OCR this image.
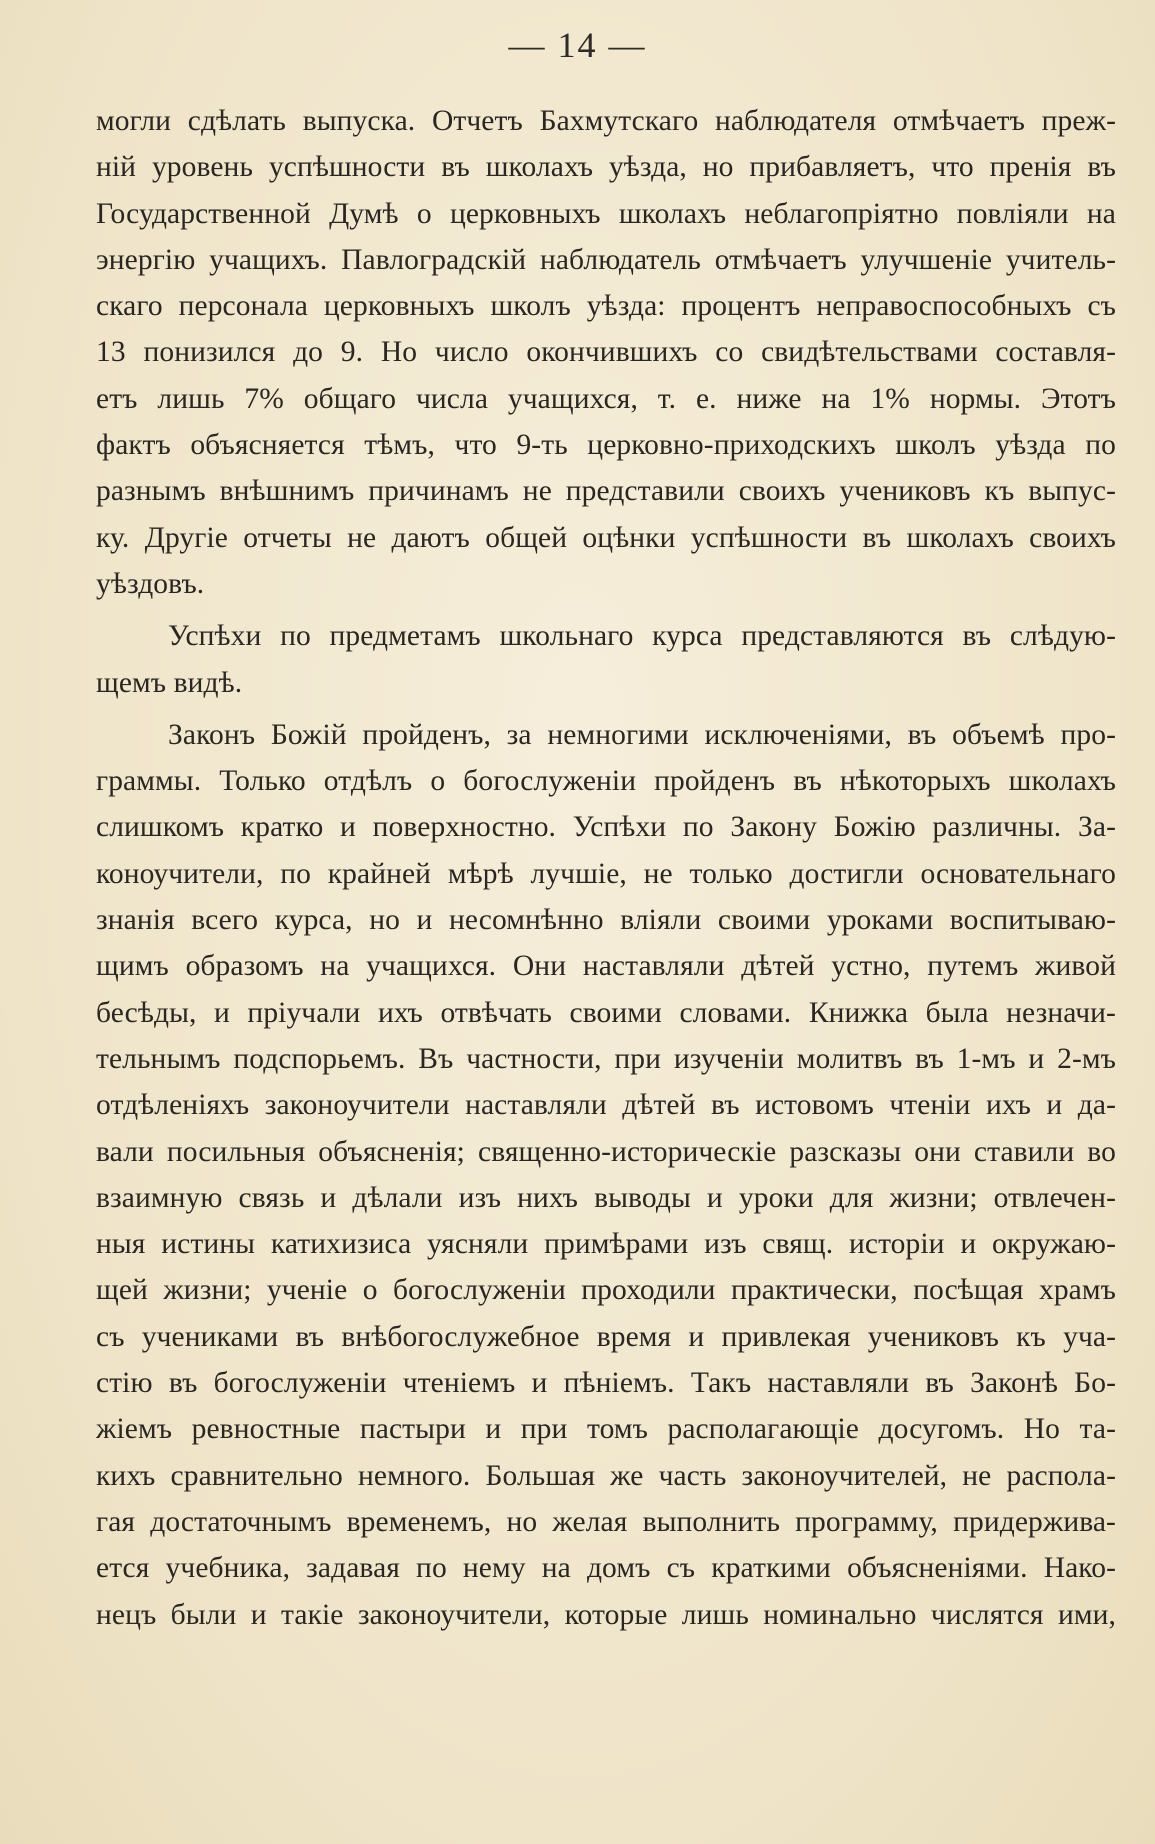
— 14 —
могли сдѣлать выпуска. Отчетъ Бахмутскаго наблюдателя отмѣчаетъ преж-
ній уровень успѣшности въ школахъ уѣзда, но прибавляетъ, что пренія въ
Государственной Думѣ о церковныхъ школахъ неблагопріятно повліяли на
энергію учащихъ. Павлоградскій наблюдатель отмѣчаетъ улучшеніе учитель-
скаго персонала церковныхъ школъ уѣзда: процентъ неправоспособныхъ съ
13 понизился до 9. Но число окончившихъ со свидѣтельствами составля-
етъ лишь 7% общаго числа учащихся, т. е. ниже на 1% нормы. Этотъ
фактъ объясняется тѣмъ, что 9-ть церковно-приходскихъ школъ уѣзда по
разнымъ внѣшнимъ причинамъ не представили своихъ учениковъ къ выпус-
ку. Другіе отчеты не даютъ общей оцѣнки успѣшности въ школахъ своихъ
уѣздовъ.
Успѣхи по предметамъ школьнаго курса представляются въ слѣдую-
щемъ видѣ.
Законъ Божій пройденъ, за немногими исключеніями, въ объемѣ про-
граммы. Только отдѣлъ о богослуженіи пройденъ въ нѣкоторыхъ школахъ
слишкомъ кратко и поверхностно. Успѣхи по Закону Божію различны. За-
коноучители, по крайней мѣрѣ лучшіе, не только достигли основательнаго
знанія всего курса, но и несомнѣнно вліяли своими уроками воспитываю-
щимъ образомъ на учащихся. Они наставляли дѣтей устно, путемъ живой
бесѣды, и пріучали ихъ отвѣчать своими словами. Книжка была незначи-
тельнымъ подспорьемъ. Въ частности, при изученіи молитвъ въ 1-мъ и 2-мъ
отдѣленіяхъ законоучители наставляли дѣтей въ истовомъ чтеніи ихъ и да-
вали посильныя объясненія; священно-историческіе разсказы они ставили во
взаимную связь и дѣлали изъ нихъ выводы и уроки для жизни; отвлечен-
ныя истины катихизиса уясняли примѣрами изъ свящ. исторіи и окружаю-
щей жизни; ученіе о богослуженіи проходили практически, посѣщая храмъ
съ учениками въ внѣбогослужебное время и привлекая учениковъ къ уча-
стію въ богослуженіи чтеніемъ и пѣніемъ. Такъ наставляли въ Законѣ Бо-
жіемъ ревностные пастыри и при томъ располагающіе досугомъ. Но та-
кихъ сравнительно немного. Большая же часть законоучителей, не распола-
гая достаточнымъ временемъ, но желая выполнить программу, придержива-
ется учебника, задавая по нему на домъ съ краткими объясненіями. Нако-
нецъ были и такіе законоучители, которые лишь номинально числятся ими,
